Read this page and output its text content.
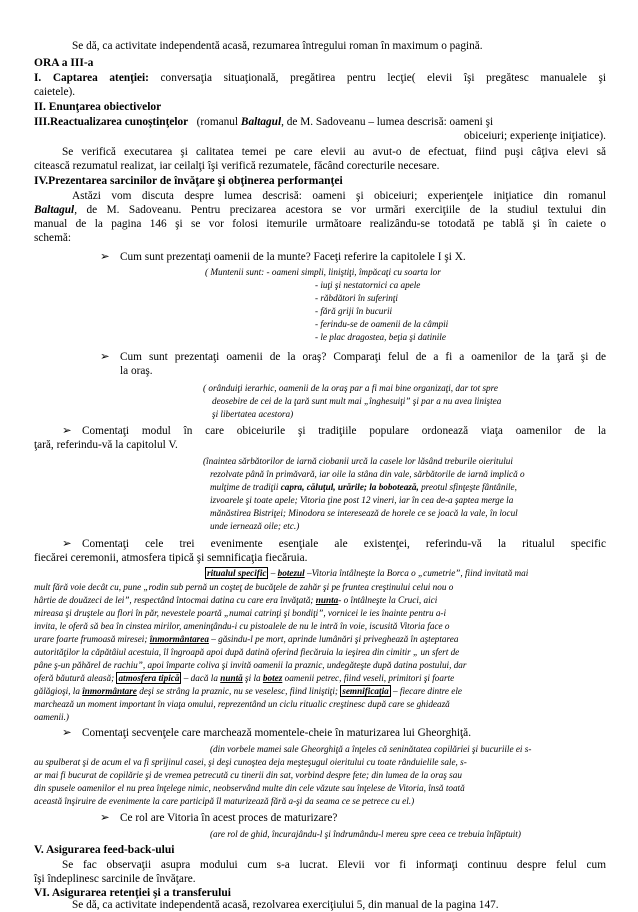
Se dă, ca activitate independentă acasă, rezumarea întregului roman în maximum o pagină.
ORA a III-a
I. Captarea atenţiei: conversaţia situaţională, pregătirea pentru lecţie( elevii îşi pregătesc manualele şi
caietele).
II. Enunţarea obiectivelor
III.Reactualizarea cunoştinţelor (romanul Baltagul, de M. Sadoveanu – lumea descrisă: oameni şi
obiceiuri; experienţe iniţiatice).
Se verifică executarea şi calitatea temei pe care elevii au avut-o de efectuat, fiind puşi câţiva elevi să
citească rezumatul realizat, iar ceilalţi îşi verifică rezumatele, făcând corecturile necesare.
IV.Prezentarea sarcinilor de învăţare şi obţinerea performanţei
Astăzi vom discuta despre lumea descrisă: oameni şi obiceiuri; experienţele iniţiatice din romanul
Baltagul, de M. Sadoveanu. Pentru precizarea acestora se vor urmări exerciţiile de la studiul textului din
manual de la pagina 146 şi se vor folosi itemurile următoare realizându-se totodată pe tablă şi în caiete o
schemă:
➢ Cum sunt prezentaţi oamenii de la munte? Faceţi referire la capitolele I şi X.
( Muntenii sunt: - oameni simpli, liniştiţi, împăcaţi cu soarta lor
- iuţi şi nestatornici ca apele
- răbdători în suferinţi
- fără griji în bucurii
- ferindu-se de oamenii de la câmpii
- le plac dragostea, beţia şi datinile
➢ Cum sunt prezentaţi oamenii de la oraş? Comparaţi felul de a fi a oamenilor de la ţară şi de
la oraş.
( orânduiţi ierarhic, oamenii de la oraş par a fi mai bine organizaţi, dar tot spre
deosebire de cei de la ţară sunt mult mai „înghesuiţi” şi par a nu avea liniştea
şi libertatea acestora)
➢ Comentaţi modul în care obiceiurile şi tradiţiile populare ordonează viaţa oamenilor de la
ţară, referindu-vă la capitolul V.
(înaintea sărbătorilor de iarnă ciobanii urcă la casele lor lăsând treburile oieritului
rezolvate până în primăvară, iar oile la stâna din vale, sărbătorile de iarnă implică o
mulţime de tradiţii capra, căluţul, urările; la bobotează, preotul sfinţeşte fântânile,
izvoarele şi toate apele; Vitoria ţine post 12 vineri, iar în cea de-a şaptea merge la
mănăstirea Bistriţei; Minodora se interesează de horele ce se joacă la vale, în locul
unde iernează oile; etc.)
➢ Comentaţi cele trei evenimente esenţiale ale existenţei, referindu-vă la ritualul specific
fiecărei ceremonii, atmosfera tipică şi semnificaţia fiecăruia.
ritualul specific – botezul –Vitoria întâlneşte la Borca o „cumetrie”, fiind invitată mai
mult fără voie decât cu, pune „rodin sub pernă un coşteţ de bucăţele de zahăr şi pe fruntea creştinului celui nou o
hârtie de douăzeci de lei”, respectând întocmai datina cu care era învăţată; nunta- o întâlneşte la Cruci, aici
mireasa şi druştele au flori în păr, nevestele poartă „numai catrinţi şi bondiţi”, vornicei le ies înainte pentru a-i
invita, le oferă să bea în cinstea mirilor, ameninţându-i cu pistoalele de nu le intră în voie, iscusită Vitoria face o
urare foarte frumoasă miresei; înmormântarea – găsindu-l pe mort, aprinde lumânări şi priveghează în aşteptarea
autorităţilor la căpătâiul acestuia, îl îngroapă apoi după datină oferind fiecăruia la ieşirea din cimitir „ un sfert de
pâne ş-un păhărel de rachiu”, apoi împarte coliva şi invită oamenii la praznic, undegăteşte după datina postului, dar
oferă băutură aleasă; atmosfera tipică – dacă la nuntă şi la botez oamenii petrec, fiind veseli, primitori şi foarte
gălăgioşi, la înmormântare deşi se strâng la praznic, nu se veselesc, fiind liniştiţi; semnificaţia – fiecare dintre ele
marchează un moment important în viaţa omului, reprezentând un ciclu ritualic creştinesc după care se ghidează
oamenii.)
➢ Comentaţi secvenţele care marchează momentele-cheie în maturizarea lui Gheorghiţă.
(din vorbele mamei sale Gheorghiţă a înţeles că seninătatea copilăriei şi bucuriile ei s-
au spulberat şi de acum el va fi sprijinul casei, şi deşi cunoştea deja meşteşugul oieritului cu toate rânduielile sale, s-
ar mai fi bucurat de copilărie şi de vremea petrecută cu tinerii din sat, vorbind despre fete; din lumea de la oraş sau
din spusele oamenilor el nu prea înţelege nimic, neobservând multe din cele văzute sau înţelese de Vitoria, însă toată
această înşiruire de evenimente la care participă îl maturizează fără a-şi da seama ce se petrece cu el.)
➢ Ce rol are Vitoria în acest proces de maturizare?
(are rol de ghid, încurajându-l şi îndrumându-l mereu spre ceea ce trebuia înfăptuit)
V. Asigurarea feed-back-ului
Se fac observaţii asupra modului cum s-a lucrat. Elevii vor fi informaţi continuu despre felul cum
îşi îndeplinesc sarcinile de învăţare.
VI. Asigurarea retenţiei şi a transferului
Se dă, ca activitate independentă acasă, rezolvarea exerciţiului 5, din manual de la pagina 147.
